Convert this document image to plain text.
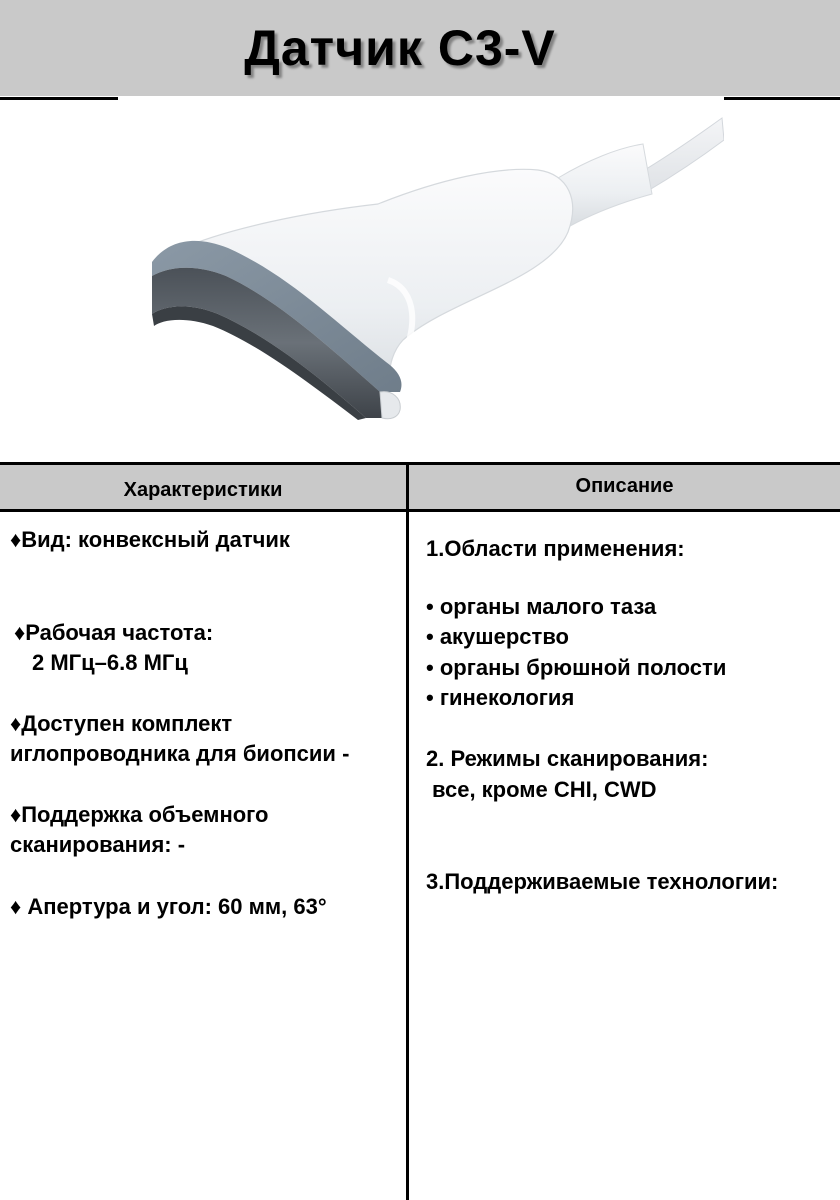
Датчик C3-V
Характеристики	Описание
♦Вид: конвексный датчик
♦Рабочая частота:
2 МГц–6.8 МГц
♦Доступен комплект
иглопроводника для биопсии -
♦Поддержка объемного
сканирования: -
♦ Апертура и угол: 60 мм, 63°
1.Области применения:
• органы малого таза
• акушерство
• органы брюшной полости
• гинекология
2. Режимы сканирования:
все, кроме CHI, CWD
3.Поддерживаемые технологии:
